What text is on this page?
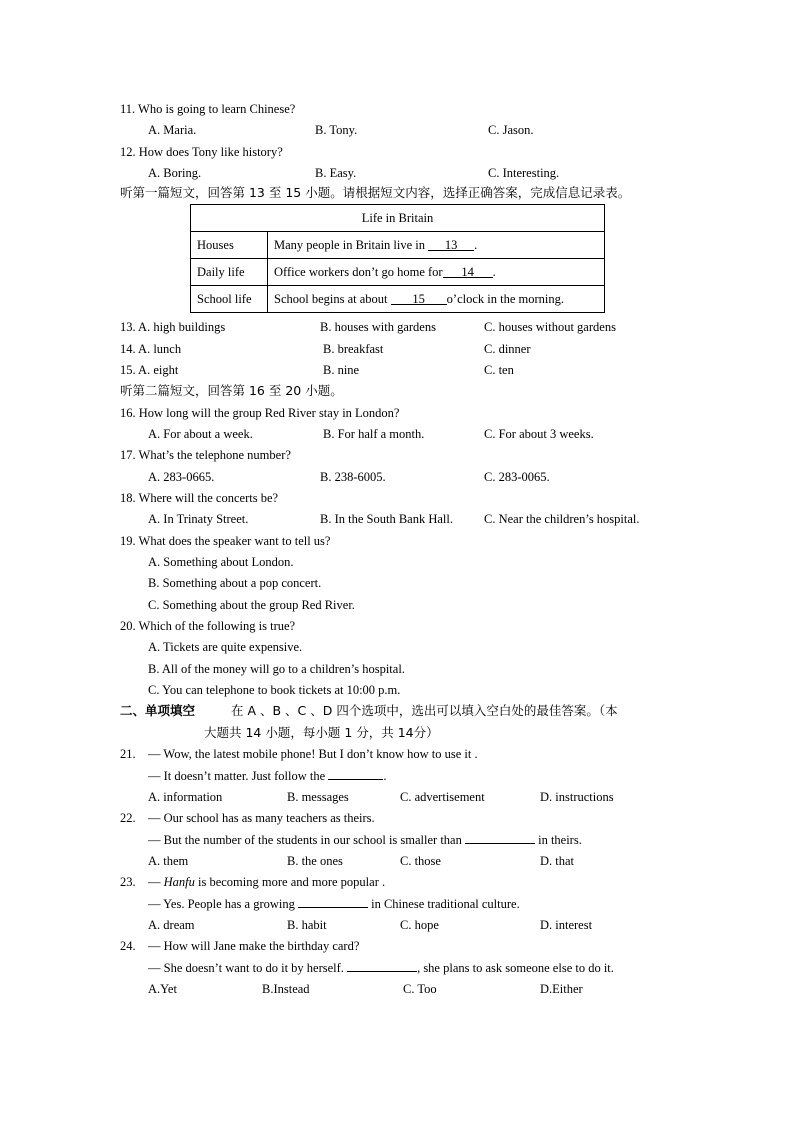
11. Who is going to learn Chinese?
A. Maria.	B. Tony.	C. Jason.
12. How does Tony like history?
A. Boring.	B. Easy.	C. Interesting.
听第一篇短文，回答第 13 至 15 小题。请根据短文内容，选择正确答案，完成信息记录表。
Life in Britain	
Houses	Many people in Britain live in 13 .
Daily life	Office workers don’t go home for 14 .
School life	School begins at about 15 o’clock in the morning.
13. A. high buildings	B. houses with gardens	C. houses without gardens
14. A. lunch	B. breakfast	C. dinner
15. A. eight	B. nine	C. ten
听第二篇短文，回答第 16 至 20 小题。
16. How long will the group Red River stay in London?
A. For about a week.	B. For half a month.	C. For about 3 weeks.
17. What’s the telephone number?
A. 283-0665.	B. 238-6005.	C. 283-0065.
18. Where will the concerts be?
A. In Trinaty Street.	B. In the South Bank Hall. C. Near the children’s hospital.
19. What does the speaker want to tell us?
A. Something about London.
B. Something about a pop concert.
C. Something about the group Red River.
20. Which of the following is true?
A. Tickets are quite expensive.
B. All of the money will go to a children’s hospital.
C. You can telephone to book tickets at 10:00 p.m.
二、单项填空	在 A 、B 、C 、D 四个选项中，选出可以填入空白处的最佳答案。（本
大题共 14 小题，每小题 1 分，共 14分）
21. — Wow, the latest mobile phone! But I don’t know how to use it .
— It doesn’t matter. Just follow the	.
A. information	B. messages	C. advertisement	D. instructions
22. — Our school has as many teachers as theirs.
— But the number of the students in our school is smaller than	in theirs.
A. them	B. the ones	C. those	D. that
23. — Hanfu is becoming more and more popular .
— Yes. People has a growing	in Chinese traditional culture.
A. dream	B. habit	C. hope	D. interest
24. — How will Jane make the birthday card?
— She doesn’t want to do it by herself.	, she plans to ask someone else to do it.
A.Yet	B.Instead	C. Too	D.Either
